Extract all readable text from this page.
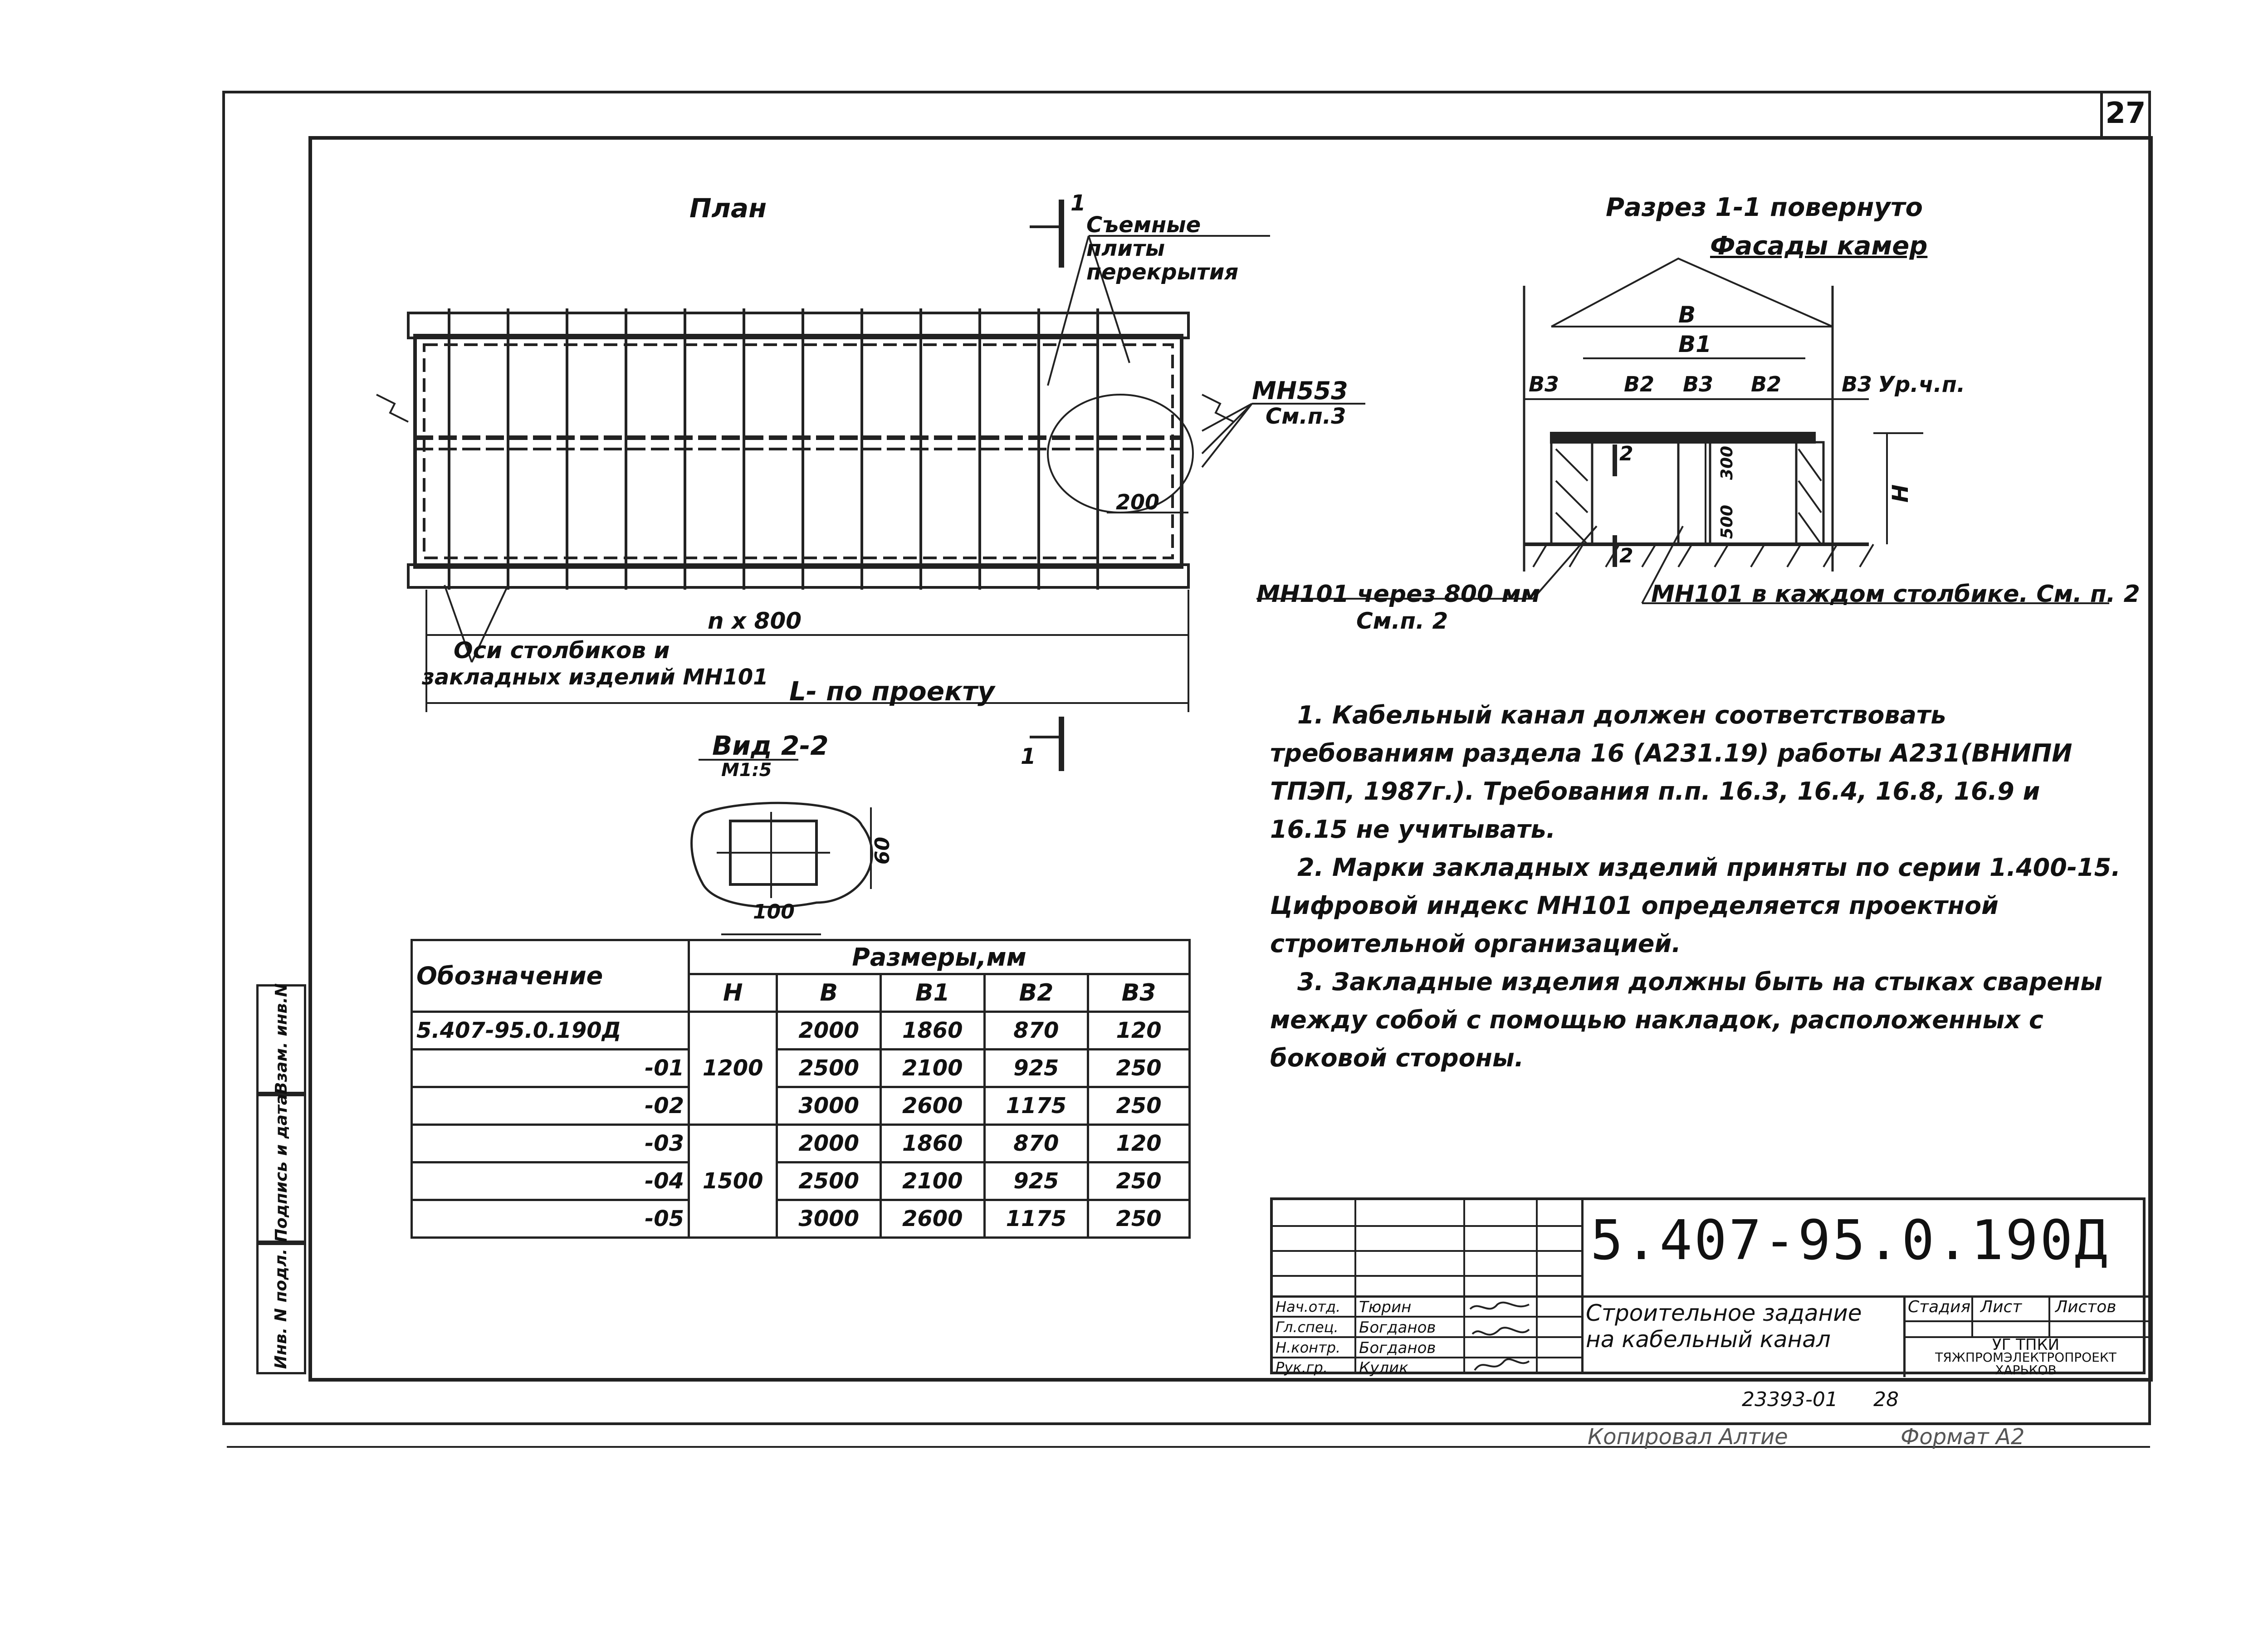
27
План
Съемные плиты перекрытия
1
1
МН553
См.п.3
200
n x 800
Оси столбиков и
закладных изделий МН101 L- по проекту
Разрез 1-1 повернуто
Фасады камер
В
В1
В3	В2 В3 В2	В3 Ур.ч.п.
Н
300
500
2
2
МН101 через 800 мм
См.п. 2
МН101 в каждом столбике. См. п. 2
Вид 2-2
М1:5
60
100
1. Кабельный канал должен соответствовать требованиям раздела 16 (А231.19) работы А231(ВНИПИ ТПЭП, 1987г.). Требования п.п. 16.3, 16.4, 16.8, 16.9 и 16.15 не учитывать.
2. Марки закладных изделий приняты по серии 1.400-15. Цифровой индекс МН101 определяется проектной строительной организацией.
3. Закладные изделия должны быть на стыках сварены между собой с помощью накладок, расположенных с боковой стороны.
Обозначение	Размеры,мм				
	Н	В	В1	В2	В3
5.407-95.0.190Д	1200	2000	1860	870	120
-01		2500	2100	925	250
-02		3000	2600	1175	250
-03	1500	2000	1860	870	120
-04		2500	2100	925	250
-05		3000	2600	1175	250
Взам. инв.N
Подпись и дата
Инв. N подл.
5.407-95.0.190Д
Строительное задание
на кабельный канал
Стадия Лист Листов
УГ ТПКИ
ТЯЖПРОМЭЛЕКТРОПРОЕКТ
ХАРЬКОВ
Нач.отд. Тюрин
Гл.спец. Богданов
Н.контр. Богданов
Рук.гр. Кулик
23393-01 28
Копировал Алтие	Формат А2
